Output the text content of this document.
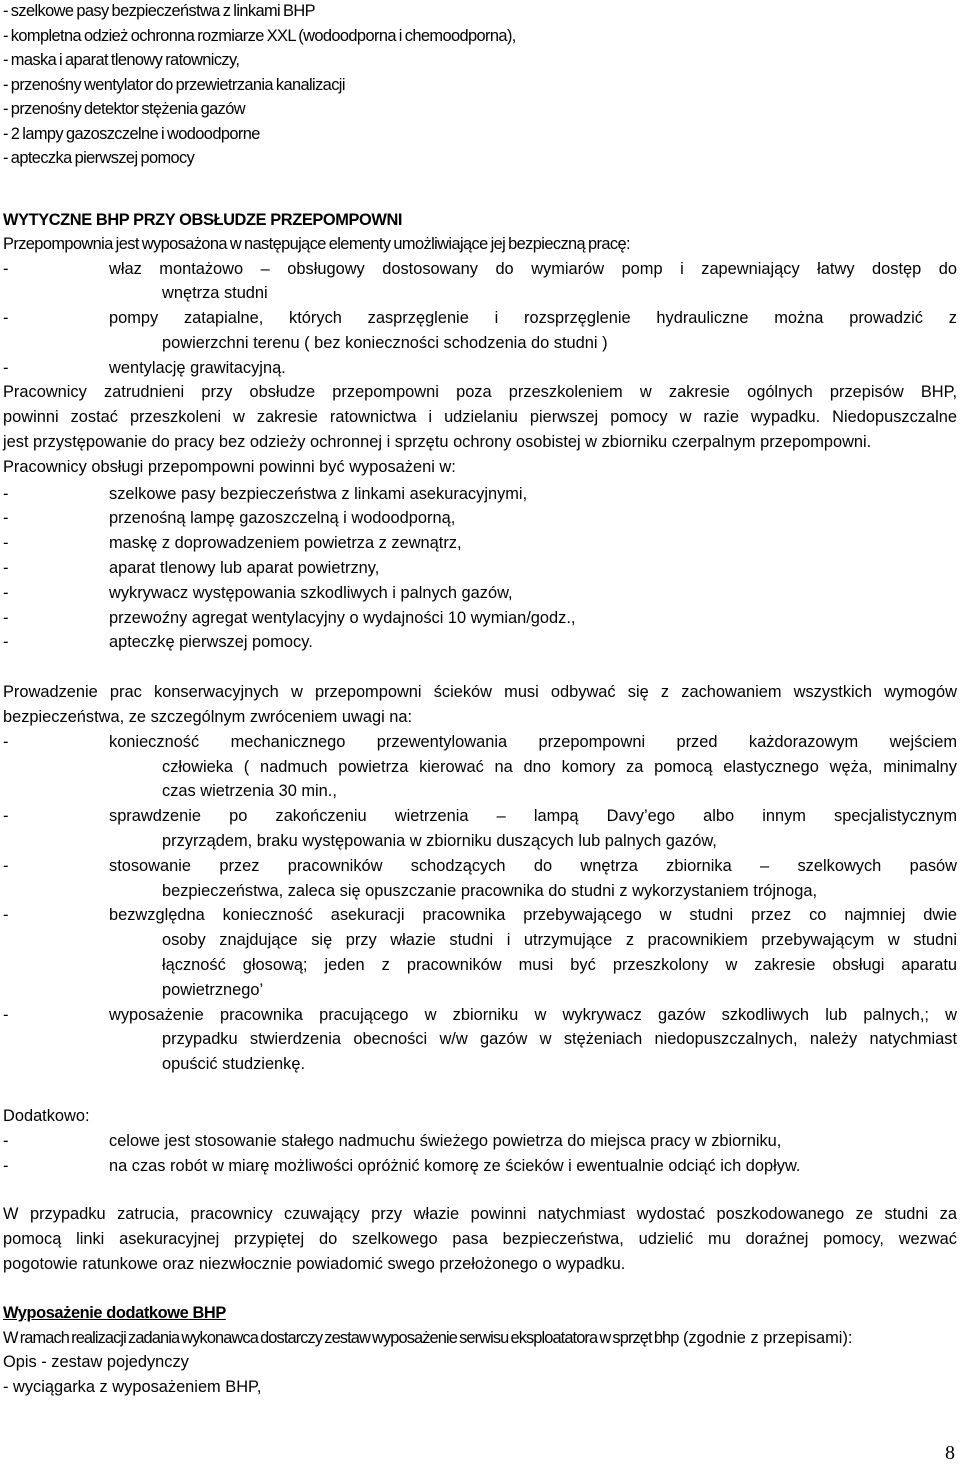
- szelkowe pasy bezpieczeństwa z linkami BHP
- kompletna odzież ochronna rozmiarze XXL (wodoodporna i chemoodporna),
- maska i aparat tlenowy ratowniczy,
- przenośny wentylator do przewietrzania kanalizacji
- przenośny detektor stężenia gazów
- 2 lampy gazoszczelne i wodoodporne
- apteczka pierwszej pomocy
WYTYCZNE BHP PRZY OBSŁUDZE PRZEPOMPOWNI
Przepompownia jest wyposażona w następujące elementy umożliwiające jej bezpieczną pracę:
-	właz montażowo – obsługowy dostosowany do wymiarów pomp i zapewniający łatwy dostęp do
wnętrza studni
-	pompy zatapialne, których zasprzęglenie i rozsprzęglenie hydrauliczne można prowadzić z
powierzchni terenu ( bez konieczności schodzenia do studni )
-	wentylację grawitacyjną.
Pracownicy zatrudnieni przy obsłudze przepompowni poza przeszkoleniem w zakresie ogólnych przepisów BHP,
powinni zostać przeszkoleni w zakresie ratownictwa i udzielaniu pierwszej pomocy w razie wypadku. Niedopuszczalne
jest przystępowanie do pracy bez odzieży ochronnej i sprzętu ochrony osobistej w zbiorniku czerpalnym przepompowni.
Pracownicy obsługi przepompowni powinni być wyposażeni w:
-	szelkowe pasy bezpieczeństwa z linkami asekuracyjnymi,
-	przenośną lampę gazoszczelną i wodoodporną,
-	maskę z doprowadzeniem powietrza z zewnątrz,
-	aparat tlenowy lub aparat powietrzny,
-	wykrywacz występowania szkodliwych i palnych gazów,
-	przewoźny agregat wentylacyjny o wydajności 10 wymian/godz.,
-	apteczkę pierwszej pomocy.
Prowadzenie prac konserwacyjnych w przepompowni ścieków musi odbywać się z zachowaniem wszystkich wymogów
bezpieczeństwa, ze szczególnym zwróceniem uwagi na:
-	konieczność mechanicznego przewentylowania przepompowni przed każdorazowym wejściem
człowieka ( nadmuch powietrza kierować na dno komory za pomocą elastycznego węża, minimalny
czas wietrzenia 30 min.,
-	sprawdzenie po zakończeniu wietrzenia – lampą Davy’ego albo innym specjalistycznym
przyrządem, braku występowania w zbiorniku duszących lub palnych gazów,
-	stosowanie przez pracowników schodzących do wnętrza zbiornika – szelkowych pasów
bezpieczeństwa, zaleca się opuszczanie pracownika do studni z wykorzystaniem trójnoga,
-	bezwzględna konieczność asekuracji pracownika przebywającego w studni przez co najmniej dwie
osoby znajdujące się przy włazie studni i utrzymujące z pracownikiem przebywającym w studni
łączność głosową; jeden z pracowników musi być przeszkolony w zakresie obsługi aparatu
powietrznego’
-	wyposażenie pracownika pracującego w zbiorniku w wykrywacz gazów szkodliwych lub palnych,; w
przypadku stwierdzenia obecności w/w gazów w stężeniach niedopuszczalnych, należy natychmiast
opuścić studzienkę.
Dodatkowo:
-	celowe jest stosowanie stałego nadmuchu świeżego powietrza do miejsca pracy w zbiorniku,
-	na czas robót w miarę możliwości opróżnić komorę ze ścieków i ewentualnie odciąć ich dopływ.
W przypadku zatrucia, pracownicy czuwający przy włazie powinni natychmiast wydostać poszkodowanego ze studni za
pomocą linki asekuracyjnej przypiętej do szelkowego pasa bezpieczeństwa, udzielić mu doraźnej pomocy, wezwać
pogotowie ratunkowe oraz niezwłocznie powiadomić swego przełożonego o wypadku.
Wyposażenie dodatkowe BHP
W ramach realizacji zadania wykonawca dostarczy zestaw wyposażenie serwisu eksploatatora w sprzęt bhp (zgodnie z przepisami):
Opis - zestaw pojedynczy
- wyciągarka z wyposażeniem BHP,
8
